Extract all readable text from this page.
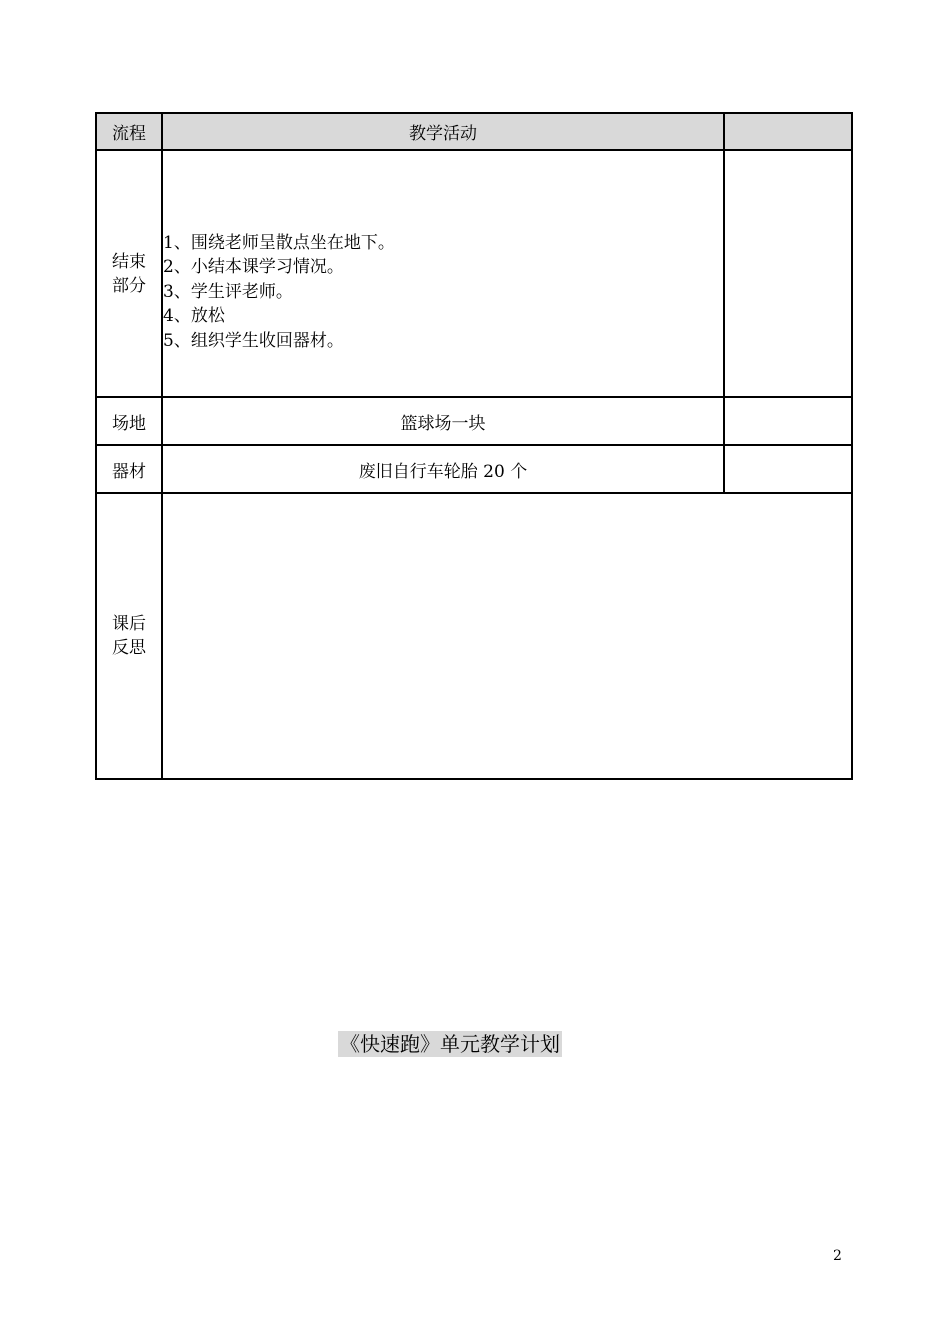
流程	教学活动	

结束
部分	1、围绕老师呈散点坐在地下。
2、小结本课学习情况。
3、学生评老师。
4、放松
5、组织学生收回器材。	

场地	篮球场一块	
器材	废旧自行车轮胎 20 个	

课后
反思		

《快速跑》单元教学计划
2
